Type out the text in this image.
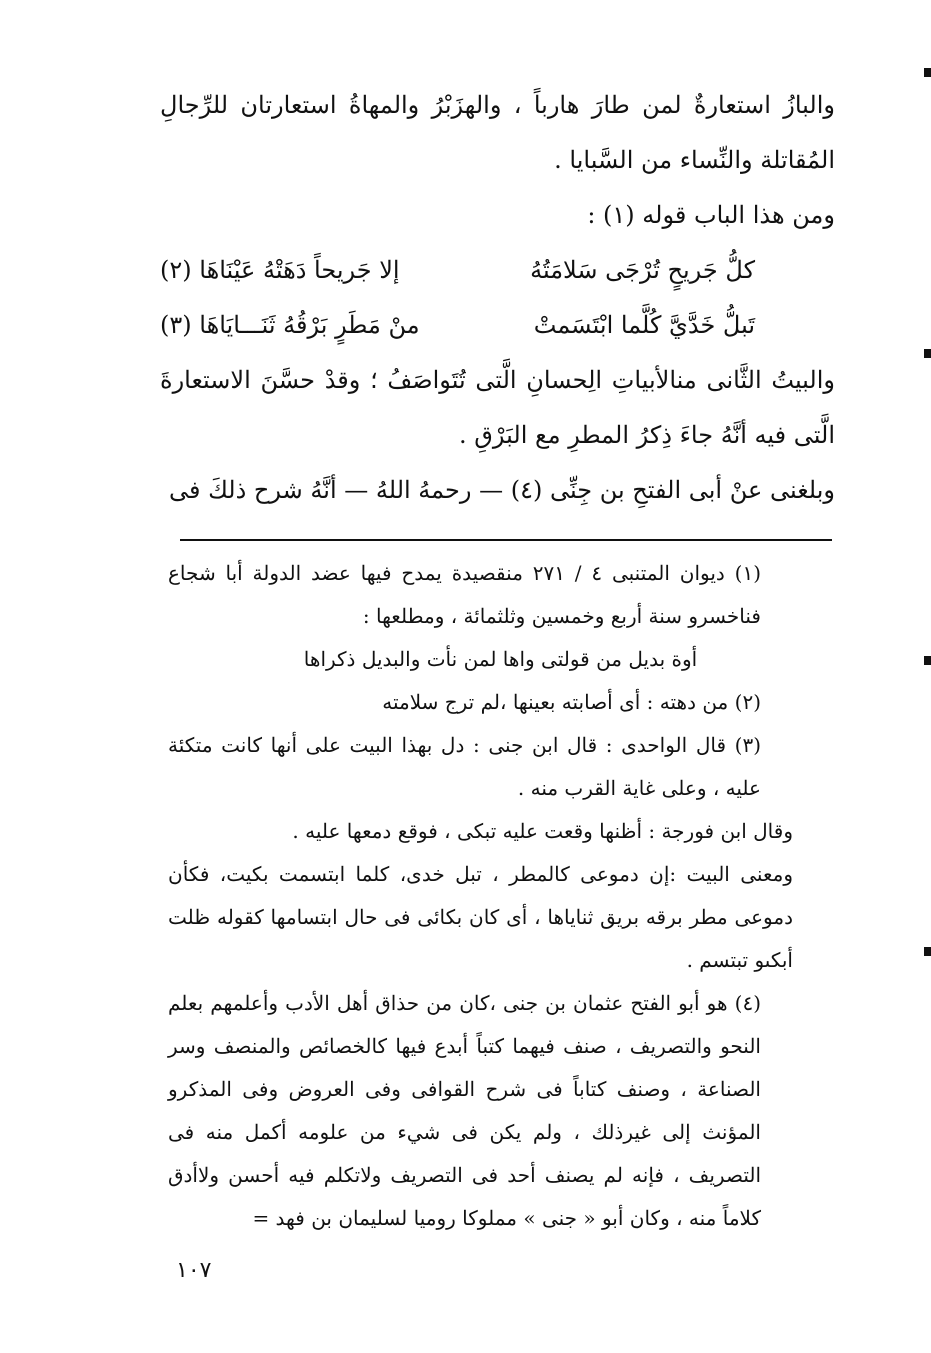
والبازُ استعارةٌ لمن طارَ هارباً ، والهزَبْرُ والمهاةُ استعارتان للرِّجالِ المُقاتلة والنِّساء من السَّبايا .

ومن هذا الباب قوله (١) :

كلُّ جَريحٍ تُرْجَى سَلامَتُهُ
إلا جَريحاً دَهَتْهُ عَيْنَاهَا (٢)
تَبلُّ خَدَّيَّ كُلَّما ابْتَسَمتْ
منْ مَطَرٍ بَرْقُهُ ثَنَـــايَاهَا (٣)

والبيتُ الثَّانى منالأبياتِ الِحسانِ الَّتى تُتَواصَفُ ؛ وقدْ حسَّنَ الاستعارةَ الَّتى فيه أنَّهُ جاءَ ذِكرُ المطرِ مع البَرْقِ .

وبلغنى عنْ أبى الفتحِ بن جِنِّى (٤) — رحمهُ اللهُ — أنَّهُ شرح ذلكَ فى

(١) ديوان المتنبى ٤ / ٢٧١ منقصيدة يمدح فيها عضد الدولة أبا شجاع فناخسرو سنة أربع وخمسين وثلثمائة ، ومطلعها :

أوة بديل من قولتى واها لمن نأت والبديل ذكراها

(٢) من دهته : أى أصابته بعينها ،لم ترج سلامته

(٣) قال الواحدى : قال ابن جنى : دل بهذا البيت على أنها كانت متكئة عليه ، وعلى غاية القرب منه .

وقال ابن فورجة : أظنها وقعت عليه تبكى ، فوقع دمعها عليه .

ومعنى البيت :إن دموعى كالمطر ، تبل خدى، كلما ابتسمت بكيت، فكأن دموعى مطر برقه بريق ثناياها ، أى كان بكائى فى حال ابتسامها كقوله ظلت أبكىو تبتسم .

(٤) هو أبو الفتح عثمان بن جنى ،كان من حذاق أهل الأدب وأعلمهم بعلم النحو والتصريف ، صنف فيهما كتباً أبدع فيها كالخصائص والمنصف وسر الصناعة ، وصنف كتاباً فى شرح القوافى وفى العروض وفى المذكرو المؤنث إلى غيرذلك ، ولم يكن فى شيء من علومه أكمل منه فى التصريف ، فإنه لم يصنف أحد فى التصريف ولاتكلم فيه أحسن ولاأدق كلاماً منه ، وكان أبو « جنى » مملوكا روميا لسليمان بن فهد =

١٠٧
